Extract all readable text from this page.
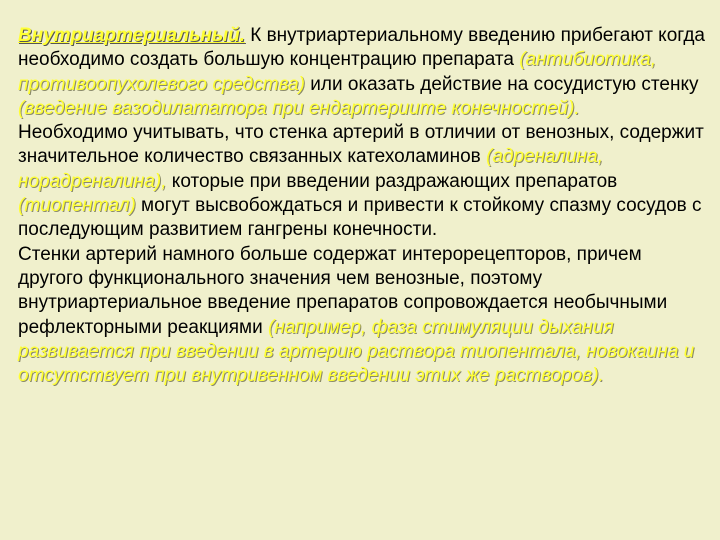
Внутриартериальный. К внутриартериальному введению прибегают когда необходимо создать большую концентрацию препарата (антибиотика, противоопухолевого средства) или оказать действие на сосудистую стенку (введение вазодилататора при ендартериите конечностей).
Необходимо учитывать, что стенка артерий в отличии от венозных, содержит значительное количество связанных катехоламинов (адреналина, норадреналина), которые при введении раздражающих препаратов (тиопентал) могут высвобождаться и привести к стойкому спазму сосудов с последующим развитием гангрены конечности.
Стенки артерий намного больше содержат интерорецепторов, причем другого функционального значения чем венозные, поэтому внутриартериальное введение препаратов сопровождается необычными рефлекторными реакциями (например, фаза стимуляции дыхания развивается при введении в артерию раствора тиопентала, новокаина и отсутствует при внутривенном введении этих же растворов).
